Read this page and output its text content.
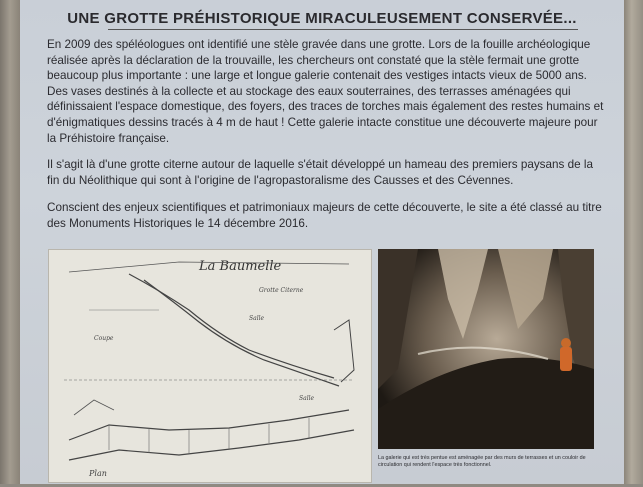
UNE GROTTE PRÉHISTORIQUE MIRACULEUSEMENT CONSERVÉE...

En 2009 des spéléologues ont identifié une stèle gravée dans une grotte. Lors de la fouille archéologique réalisée après la déclaration de la trouvaille, les chercheurs ont constaté que la stèle fermait une grotte beaucoup plus importante : une large et longue galerie contenait des vestiges intacts vieux de 5000 ans. Des vases destinés à la collecte et au stockage des eaux souterraines, des terrasses aménagées qui définissaient l'espace domestique, des foyers, des traces de torches mais également des restes humains et d'énigmatiques dessins tracés à 4 m de haut ! Cette galerie intacte constitue une découverte majeure pour la Préhistoire française.

Il s'agit là d'une grotte citerne autour de laquelle s'était développé un hameau des premiers paysans de la fin du Néolithique qui sont à l'origine de l'agropastoralisme des Causses et des Cévennes.

Conscient des enjeux scientifiques et patrimoniaux majeurs de cette découverte, le site a été classé au titre des Monuments Historiques le 14 décembre 2016.

La Baumelle
Coupe
Grotte Citerne
Salle
Plan
Salle

La galerie qui est très pentue est aménagée par des murs de terrasses et un couloir de circulation qui rendent l'espace très fonctionnel.
